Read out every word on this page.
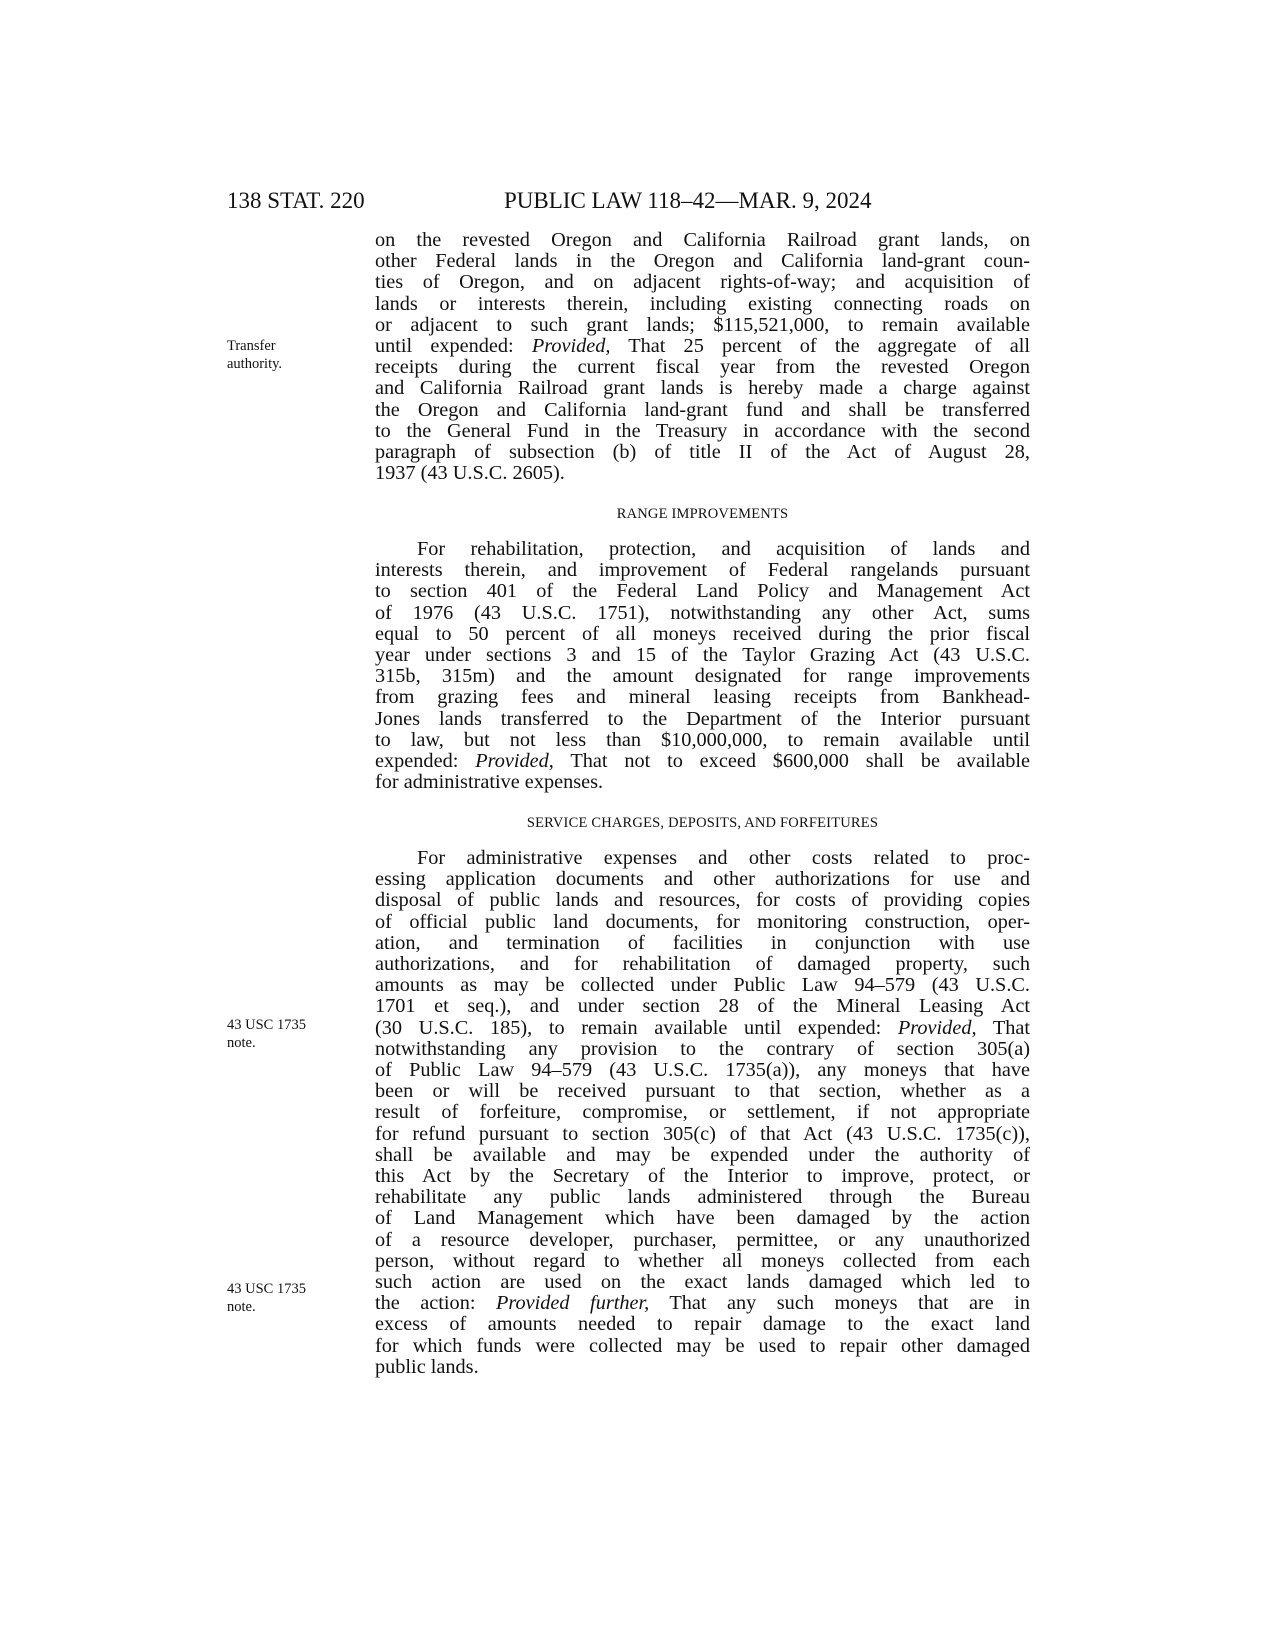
138 STAT. 220	PUBLIC LAW 118–42—MAR. 9, 2024
Transfer
authority.
43 USC 1735
note.
43 USC 1735
note.
on the revested Oregon and California Railroad grant lands, on
other Federal lands in the Oregon and California land-grant coun-
ties of Oregon, and on adjacent rights-of-way; and acquisition of
lands or interests therein, including existing connecting roads on
or adjacent to such grant lands; $115,521,000, to remain available
until expended: Provided, That 25 percent of the aggregate of all
receipts during the current fiscal year from the revested Oregon
and California Railroad grant lands is hereby made a charge against
the Oregon and California land-grant fund and shall be transferred
to the General Fund in the Treasury in accordance with the second
paragraph of subsection (b) of title II of the Act of August 28,
1937 (43 U.S.C. 2605).
RANGE IMPROVEMENTS
For rehabilitation, protection, and acquisition of lands and
interests therein, and improvement of Federal rangelands pursuant
to section 401 of the Federal Land Policy and Management Act
of 1976 (43 U.S.C. 1751), notwithstanding any other Act, sums
equal to 50 percent of all moneys received during the prior fiscal
year under sections 3 and 15 of the Taylor Grazing Act (43 U.S.C.
315b, 315m) and the amount designated for range improvements
from grazing fees and mineral leasing receipts from Bankhead-
Jones lands transferred to the Department of the Interior pursuant
to law, but not less than $10,000,000, to remain available until
expended: Provided, That not to exceed $600,000 shall be available
for administrative expenses.
SERVICE CHARGES, DEPOSITS, AND FORFEITURES
For administrative expenses and other costs related to proc-
essing application documents and other authorizations for use and
disposal of public lands and resources, for costs of providing copies
of official public land documents, for monitoring construction, oper-
ation, and termination of facilities in conjunction with use
authorizations, and for rehabilitation of damaged property, such
amounts as may be collected under Public Law 94–579 (43 U.S.C.
1701 et seq.), and under section 28 of the Mineral Leasing Act
(30 U.S.C. 185), to remain available until expended: Provided, That
notwithstanding any provision to the contrary of section 305(a)
of Public Law 94–579 (43 U.S.C. 1735(a)), any moneys that have
been or will be received pursuant to that section, whether as a
result of forfeiture, compromise, or settlement, if not appropriate
for refund pursuant to section 305(c) of that Act (43 U.S.C. 1735(c)),
shall be available and may be expended under the authority of
this Act by the Secretary of the Interior to improve, protect, or
rehabilitate any public lands administered through the Bureau
of Land Management which have been damaged by the action
of a resource developer, purchaser, permittee, or any unauthorized
person, without regard to whether all moneys collected from each
such action are used on the exact lands damaged which led to
the action: Provided further, That any such moneys that are in
excess of amounts needed to repair damage to the exact land
for which funds were collected may be used to repair other damaged
public lands.
